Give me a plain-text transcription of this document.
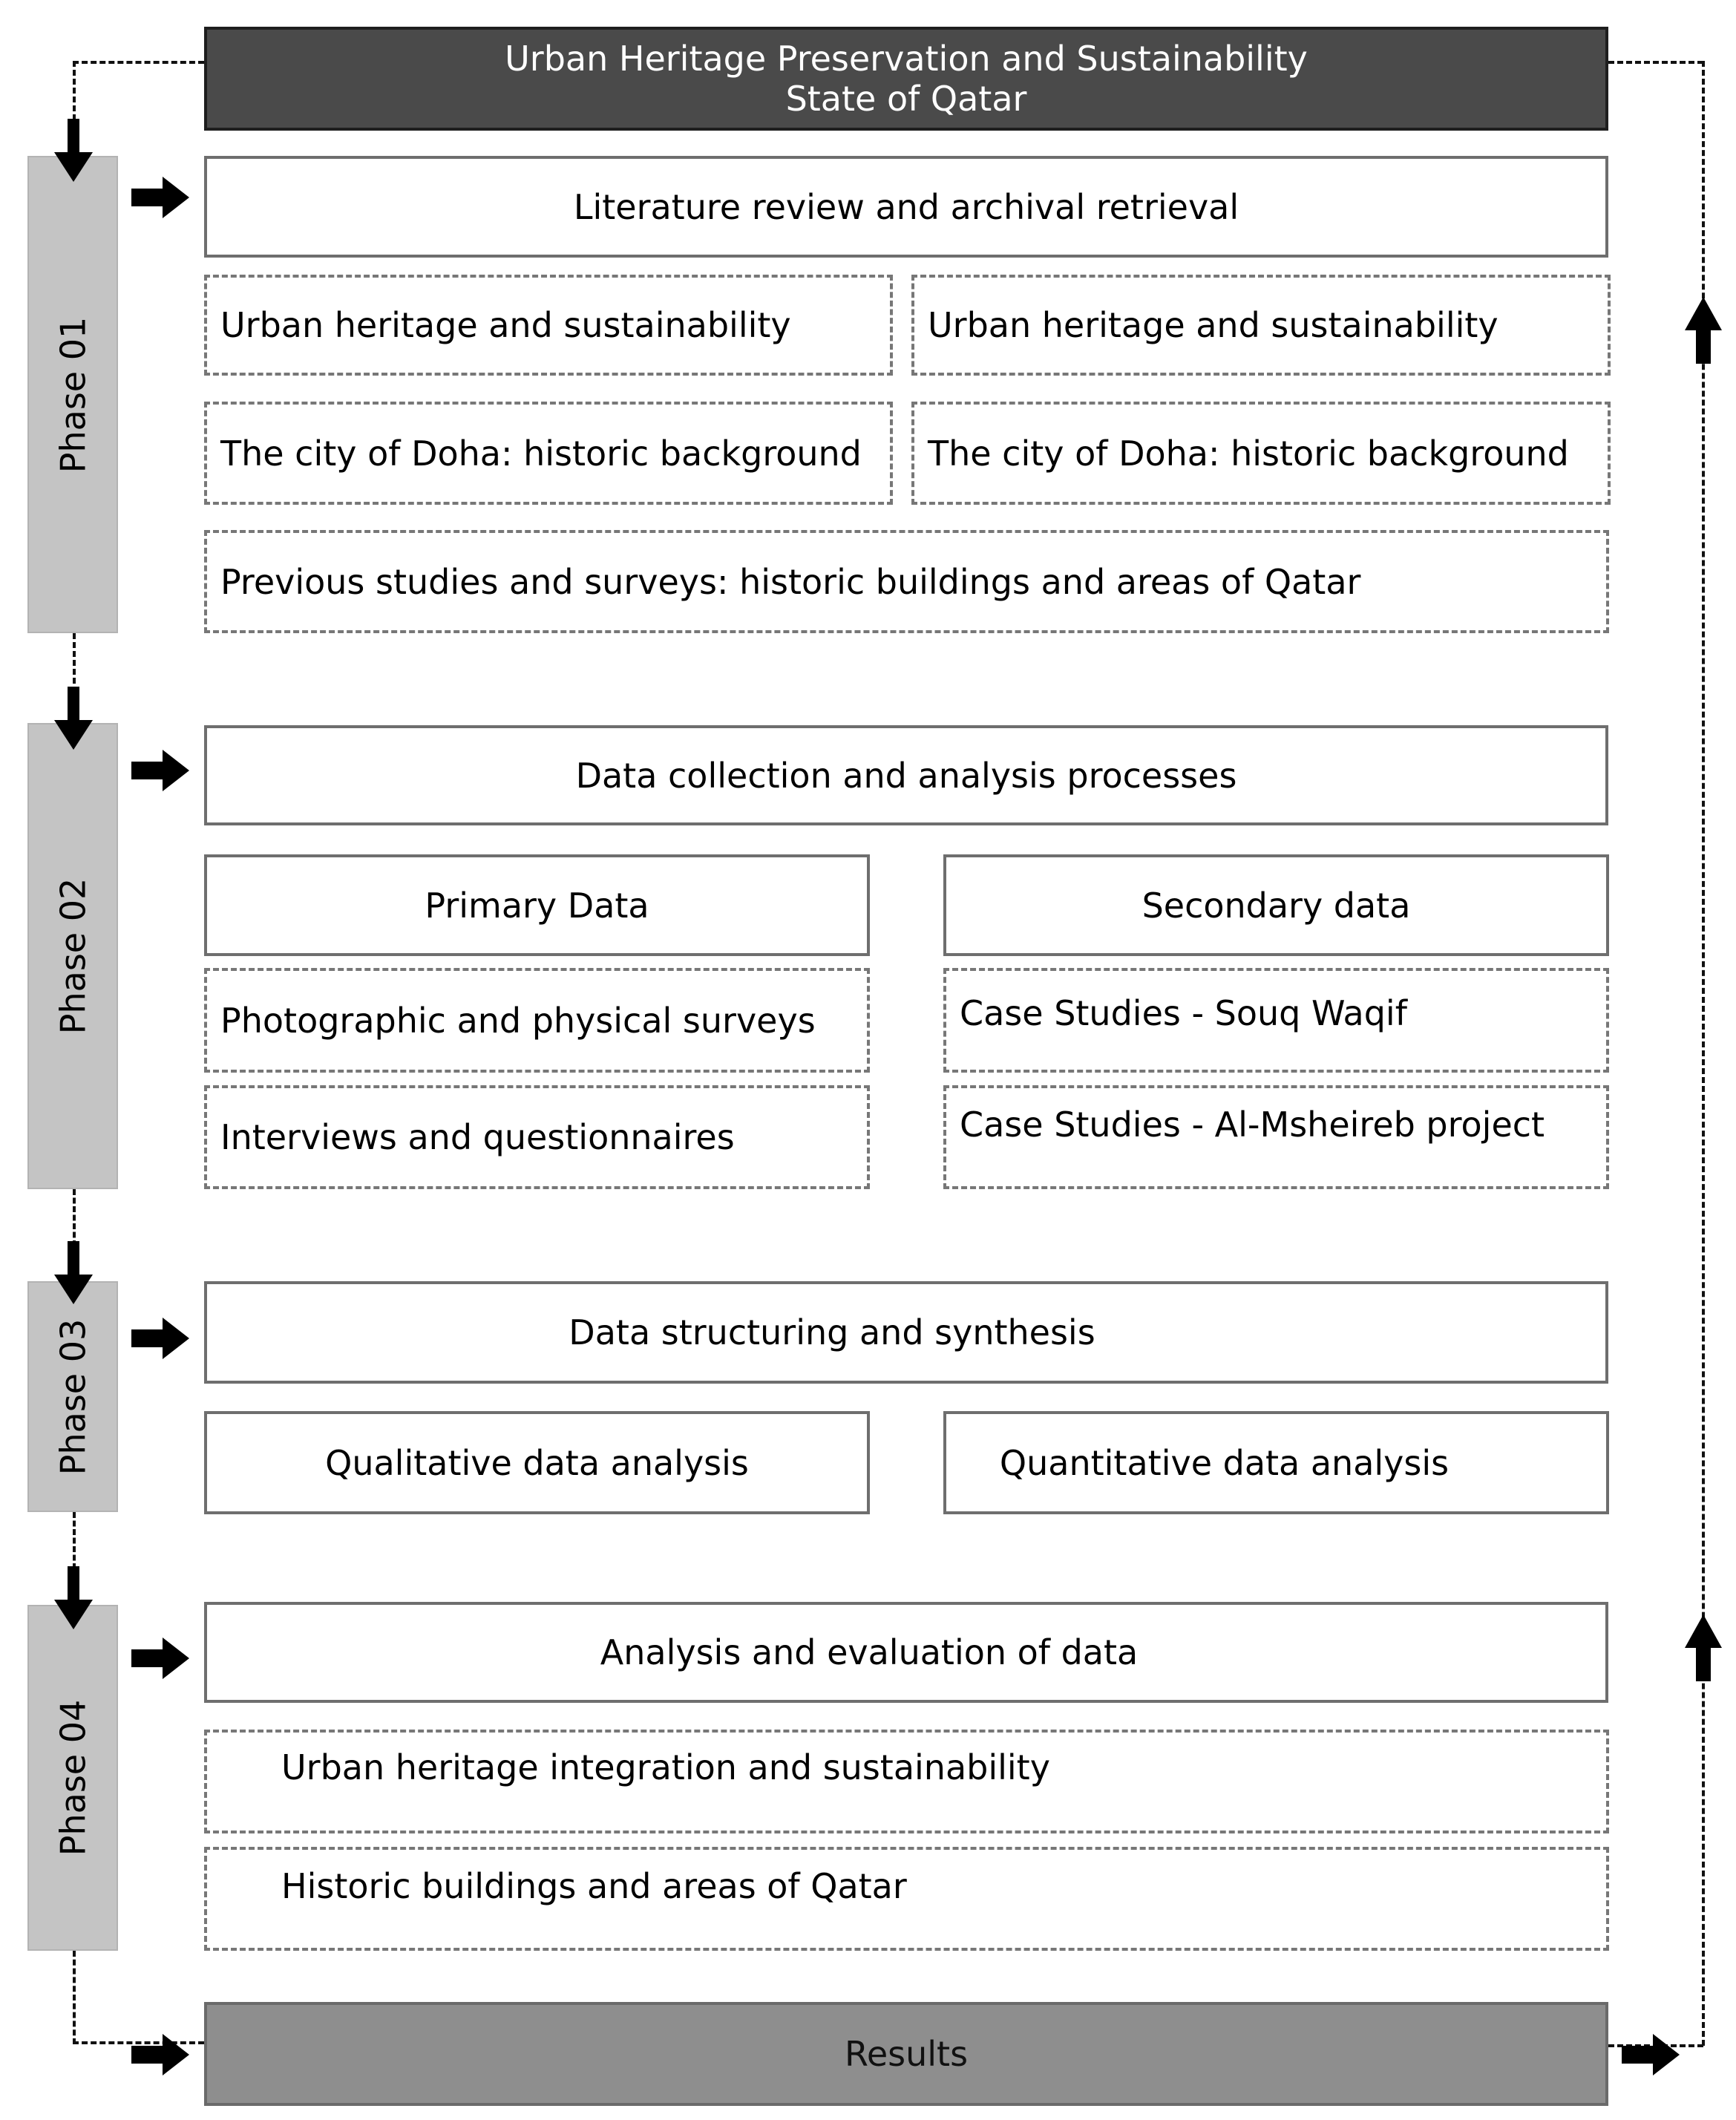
Urban Heritage Preservation and Sustainability
State of Qatar
Phase 01
Literature review and archival retrieval
Urban heritage and sustainability	Urban heritage and sustainability
The city of Doha: historic background The city of Doha: historic background
Previous studies and surveys: historic buildings and areas of Qatar
Phase 02
Data collection and analysis processes
Primary Data	Secondary data
Photographic and physical surveys
Interviews and questionnaires
Case Studies - Souq Waqif
Case Studies - Al-Msheireb project
Phase 03	Data structuring and synthesis
Qualitative data analysis	Quantitative data analysis
Phase 04
Analysis and evaluation of data
Urban heritage integration and sustainability
Historic buildings and areas of Qatar
Results
